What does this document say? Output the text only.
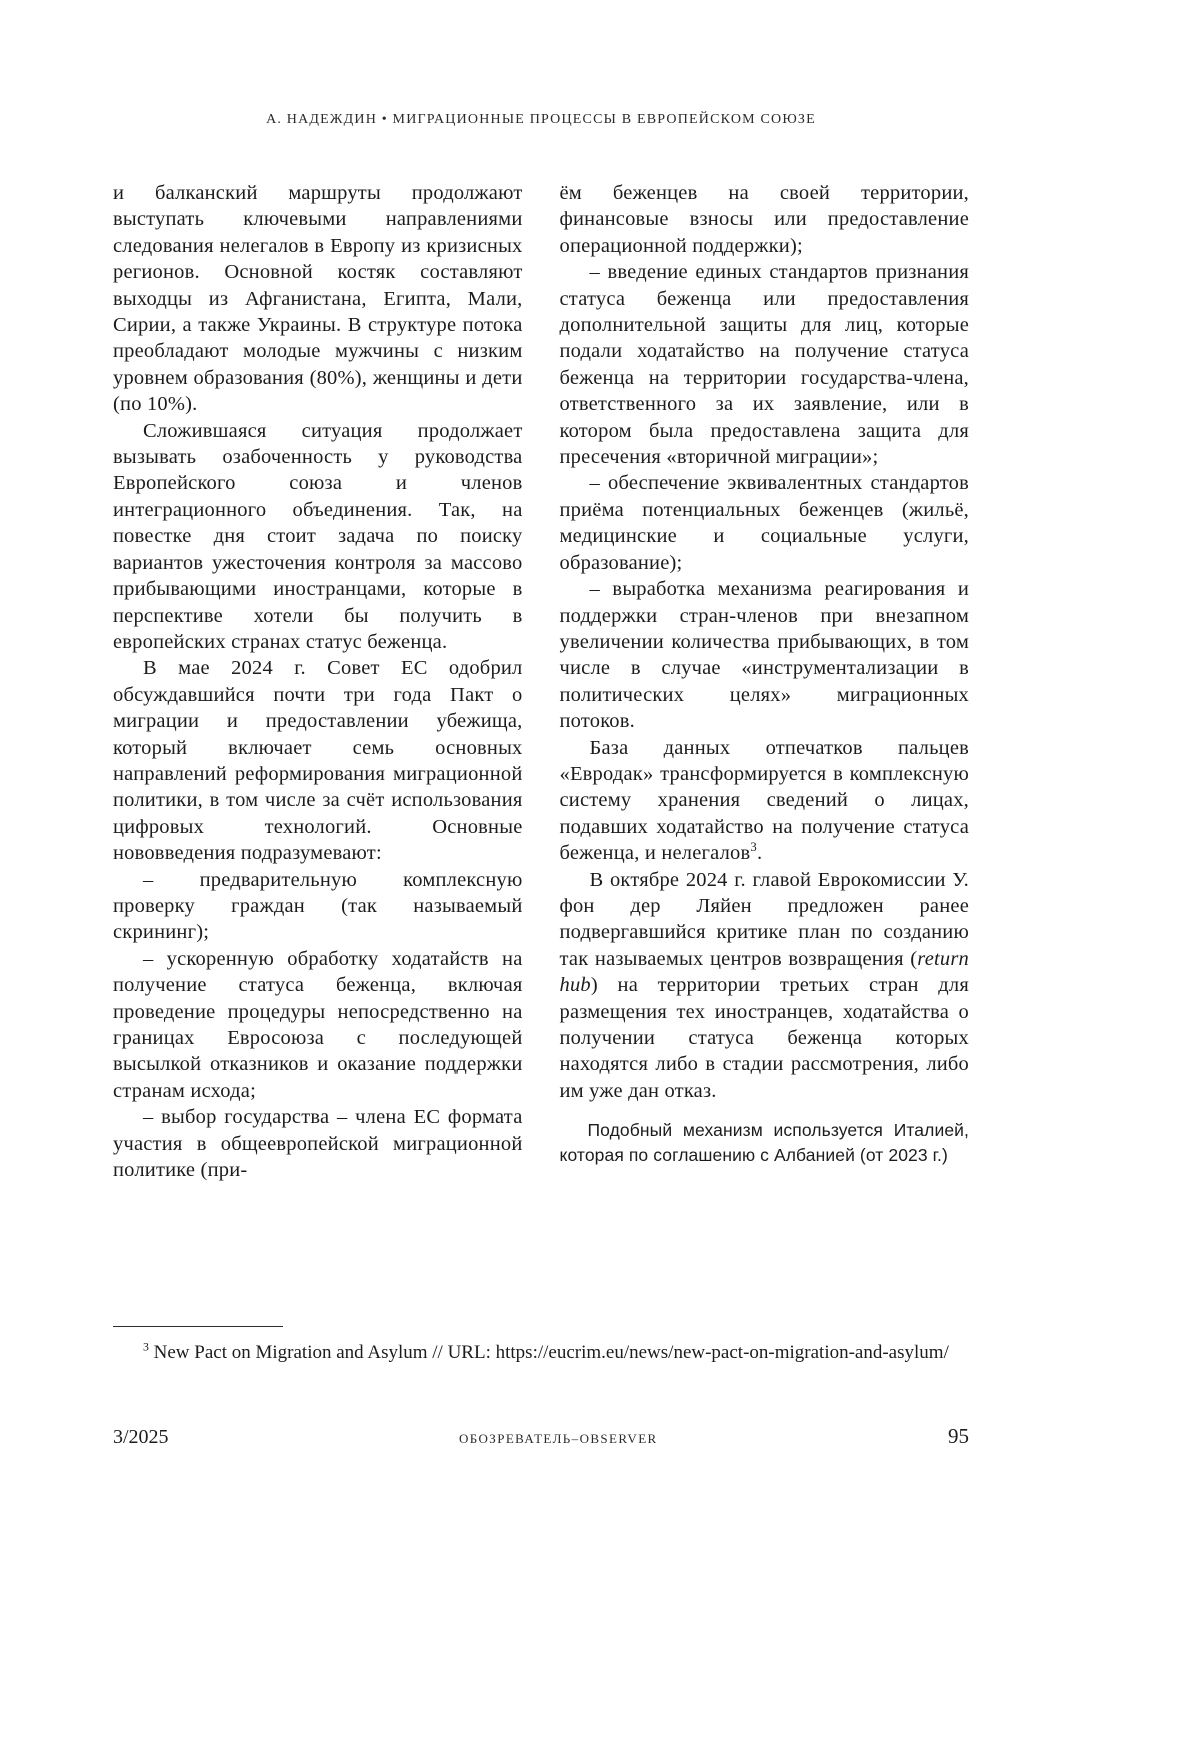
А. НАДЕЖДИН • МИГРАЦИОННЫЕ ПРОЦЕССЫ В ЕВРОПЕЙСКОМ СОЮЗЕ

и балканский маршруты продолжают выступать ключевыми направлениями следования нелегалов в Европу из кризисных регионов. Основной костяк составляют выходцы из Афганистана, Египта, Мали, Сирии, а также Украины. В структуре потока преобладают молодые мужчины с низким уровнем образования (80%), женщины и дети (по 10%).

Сложившаяся ситуация продолжает вызывать озабоченность у руководства Европейского союза и членов интеграционного объединения. Так, на повестке дня стоит задача по поиску вариантов ужесточения контроля за массово прибывающими иностранцами, которые в перспективе хотели бы получить в европейских странах статус беженца.

В мае 2024 г. Совет ЕС одобрил обсуждавшийся почти три года Пакт о миграции и предоставлении убежища, который включает семь основных направлений реформирования миграционной политики, в том числе за счёт использования цифровых технологий. Основные нововведения подразумевают:

– предварительную комплексную проверку граждан (так называемый скрининг);

– ускоренную обработку ходатайств на получение статуса беженца, включая проведение процедуры непосредственно на границах Евросоюза с последующей высылкой отказников и оказание поддержки странам исхода;

– выбор государства – члена ЕС формата участия в общеевропейской миграционной политике (при-

ём беженцев на своей территории, финансовые взносы или предоставление операционной поддержки);

– введение единых стандартов признания статуса беженца или предоставления дополнительной защиты для лиц, которые подали ходатайство на получение статуса беженца на территории государства-члена, ответственного за их заявление, или в котором была предоставлена защита для пресечения «вторичной миграции»;

– обеспечение эквивалентных стандартов приёма потенциальных беженцев (жильё, медицинские и социальные услуги, образование);

– выработка механизма реагирования и поддержки стран-членов при внезапном увеличении количества прибывающих, в том числе в случае «инструментализации в политических целях» миграционных потоков.

База данных отпечатков пальцев «Евродак» трансформируется в комплексную систему хранения сведений о лицах, подавших ходатайство на получение статуса беженца, и нелегалов$^3$.

В октябре 2024 г. главой Еврокомиссии У. фон дер Ляйен предложен ранее подвергавшийся критике план по созданию так называемых центров возвращения (return hub) на территории третьих стран для размещения тех иностранцев, ходатайства о получении статуса беженца которых находятся либо в стадии рассмотрения, либо им уже дан отказ.

Подобный механизм используется Италией, которая по соглашению с Албанией (от 2023 г.)

$^3$ New Pact on Migration and Asylum // URL: https://eucrim.eu/news/new-pact-on-migration-and-asylum/

3/2025	ОБОЗРЕВАТЕЛЬ–OBSERVER	95
